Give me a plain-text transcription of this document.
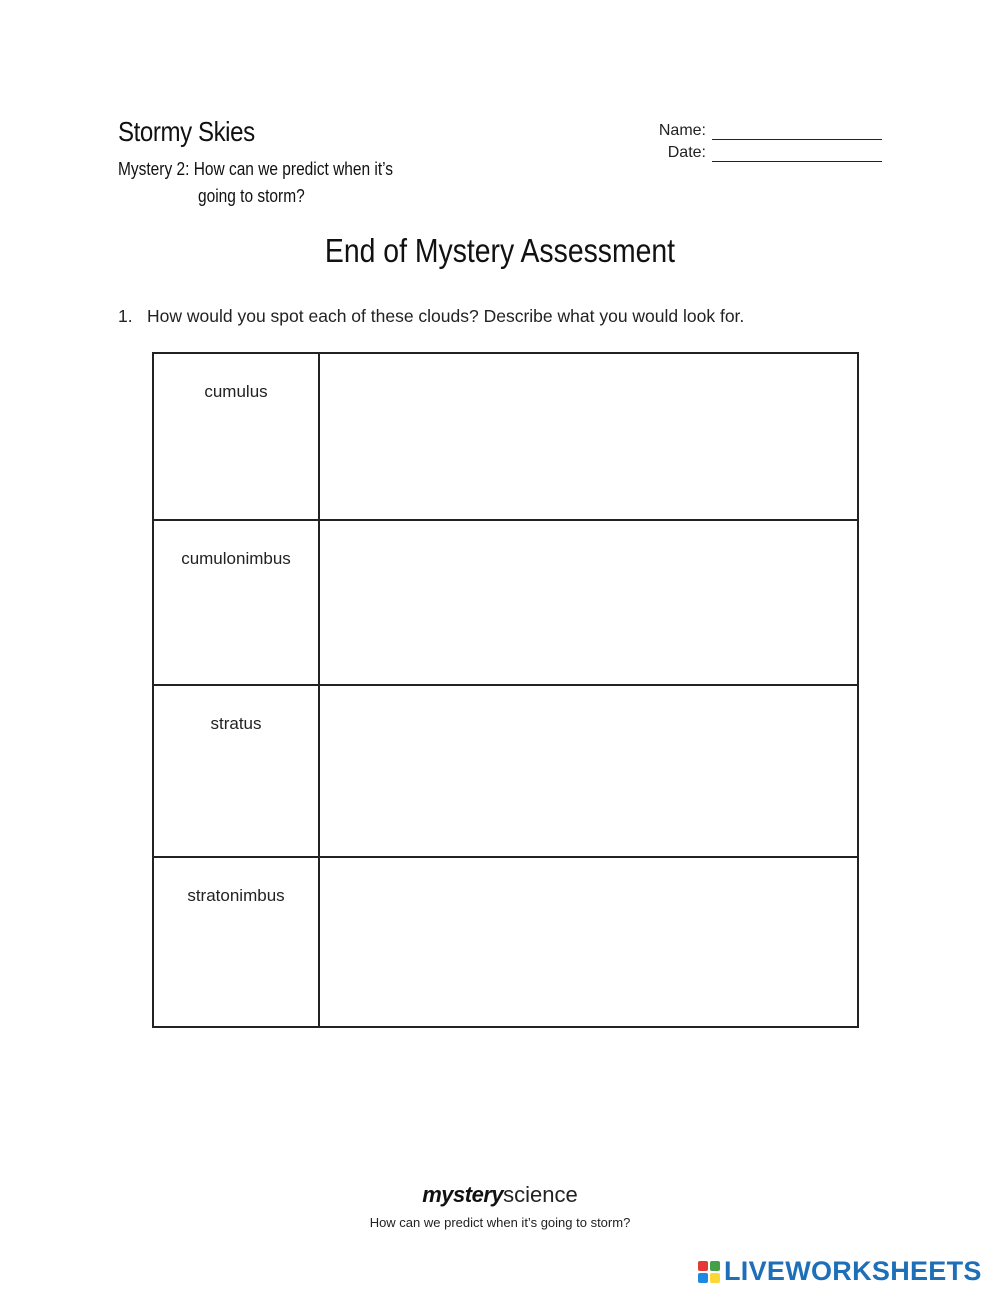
Stormy Skies
Mystery 2: How can we predict when it’s
going to storm?
Name:
Date:
End of Mystery Assessment
1. How would you spot each of these clouds? Describe what you would look for.
cumulus	
cumulonimbus	
stratus	
stratonimbus	
mysteryscience
How can we predict when it’s going to storm?
LIVEWORKSHEETS
